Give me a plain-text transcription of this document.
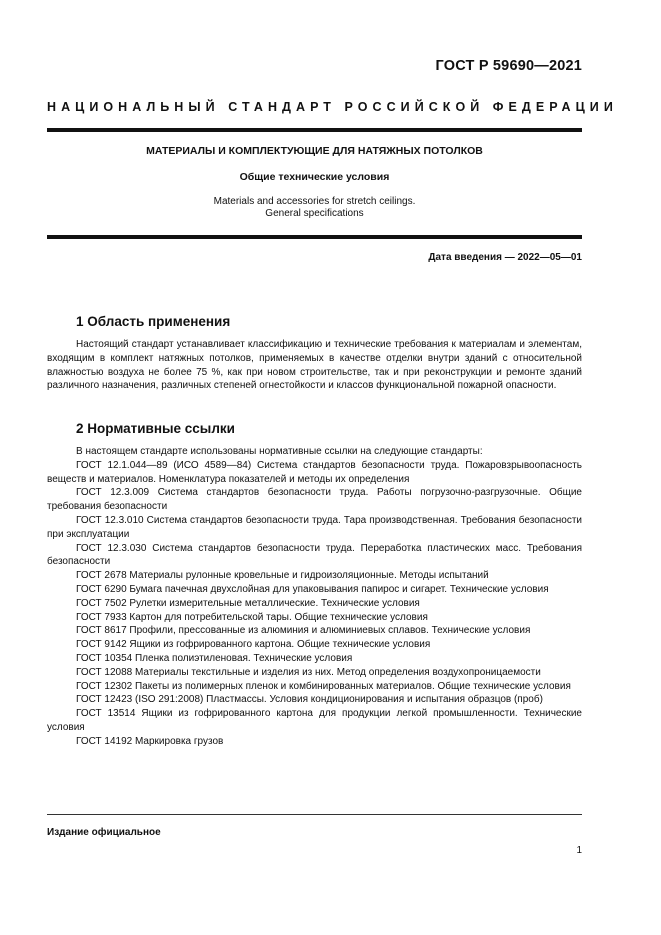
ГОСТ Р 59690—2021
НАЦИОНАЛЬНЫЙ СТАНДАРТ РОССИЙСКОЙ ФЕДЕРАЦИИ
МАТЕРИАЛЫ И КОМПЛЕКТУЮЩИЕ ДЛЯ НАТЯЖНЫХ ПОТОЛКОВ
Общие технические условия
Materials and accessories for stretch ceilings.
General specifications
Дата введения — 2022—05—01
1 Область применения

Настоящий стандарт устанавливает классификацию и технические требования к материалам и элементам, входящим в комплект натяжных потолков, применяемых в качестве отделки внутри зданий с относительной влажностью воздуха не более 75 %, как при новом строительстве, так и при реконструкции и ремонте зданий различного назначения, различных степеней огнестойкости и классов функциональной пожарной опасности.

2 Нормативные ссылки

В настоящем стандарте использованы нормативные ссылки на следующие стандарты:

ГОСТ 12.1.044—89 (ИСО 4589—84) Система стандартов безопасности труда. Пожаровзрывоопасность веществ и материалов. Номенклатура показателей и методы их определения

ГОСТ 12.3.009 Система стандартов безопасности труда. Работы погрузочно-разгрузочные. Общие требования безопасности

ГОСТ 12.3.010 Система стандартов безопасности труда. Тара производственная. Требования безопасности при эксплуатации

ГОСТ 12.3.030 Система стандартов безопасности труда. Переработка пластических масс. Требования безопасности

ГОСТ 2678 Материалы рулонные кровельные и гидроизоляционные. Методы испытаний

ГОСТ 6290 Бумага пачечная двухслойная для упаковывания папирос и сигарет. Технические условия

ГОСТ 7502 Рулетки измерительные металлические. Технические условия

ГОСТ 7933 Картон для потребительской тары. Общие технические условия

ГОСТ 8617 Профили, прессованные из алюминия и алюминиевых сплавов. Технические условия

ГОСТ 9142 Ящики из гофрированного картона. Общие технические условия

ГОСТ 10354 Пленка полиэтиленовая. Технические условия

ГОСТ 12088 Материалы текстильные и изделия из них. Метод определения воздухопроницаемости

ГОСТ 12302 Пакеты из полимерных пленок и комбинированных материалов. Общие технические условия

ГОСТ 12423 (ISO 291:2008) Пластмассы. Условия кондиционирования и испытания образцов (проб)

ГОСТ 13514 Ящики из гофрированного картона для продукции легкой промышленности. Технические условия

ГОСТ 14192 Маркировка грузов

Издание официальное
1
